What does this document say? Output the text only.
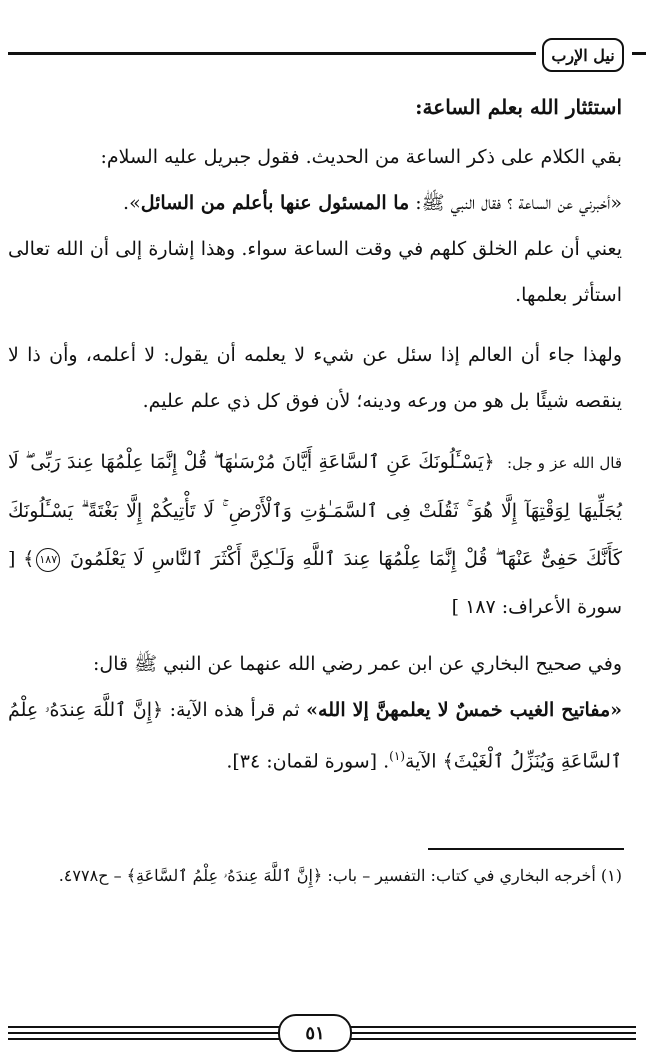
نيل الإرب
استئثار الله بعلم الساعة:

بقي الكلام على ذكر الساعة من الحديث. فقول جبريل عليه السلام:
«أخبرني عن الساعة ؟ فقال النبي ﷺ: ما المسئول عنها بأعلم من السائل».
يعني أن علم الخلق كلهم في وقت الساعة سواء. وهذا إشارة إلى أن الله تعالى استأثر بعلمها.

ولهذا جاء أن العالم إذا سئل عن شيء لا يعلمه أن يقول: لا أعلمه، وأن ذا لا ينقصه شيئًا بل هو من ورعه ودينه؛ لأن فوق كل ذي علم عليم.

قال الله عز و جل: ﴿يَسْـَٔلُونَكَ عَنِ ٱلسَّاعَةِ أَيَّانَ مُرْسَىٰهَا ۖ قُلْ إِنَّمَا عِلْمُهَا عِندَ رَبِّى ۖ لَا يُجَلِّيهَا لِوَقْتِهَآ إِلَّا هُوَ ۚ ثَقُلَتْ فِى ٱلسَّمَـٰوَٰتِ وَٱلْأَرْضِ ۚ لَا تَأْتِيكُمْ إِلَّا بَغْتَةً ۗ يَسْـَٔلُونَكَ كَأَنَّكَ حَفِىٌّ عَنْهَا ۖ قُلْ إِنَّمَا عِلْمُهَا عِندَ ٱللَّهِ وَلَـٰكِنَّ أَكْثَرَ ٱلنَّاسِ لَا يَعْلَمُونَ ١٨٧﴾ [ سورة الأعراف: ١٨٧ ]

وفي صحيح البخاري عن ابن عمر رضي الله عنهما عن النبي ﷺ قال:
«مفاتيح الغيب خمسٌ لا يعلمهنَّ إلا الله» ثم قرأ هذه الآية: ﴿إِنَّ ٱللَّهَ عِندَهُۥ عِلْمُ ٱلسَّاعَةِ وَيُنَزِّلُ ٱلْغَيْثَ﴾ الآية$^{(١)}$. [سورة لقمان: ٣٤].

(١) أخرجه البخاري في كتاب: التفسير – باب: ﴿إِنَّ ٱللَّهَ عِندَهُۥ عِلْمُ ٱلسَّاعَةِ﴾ – ح٤٧٧٨.
٥١
